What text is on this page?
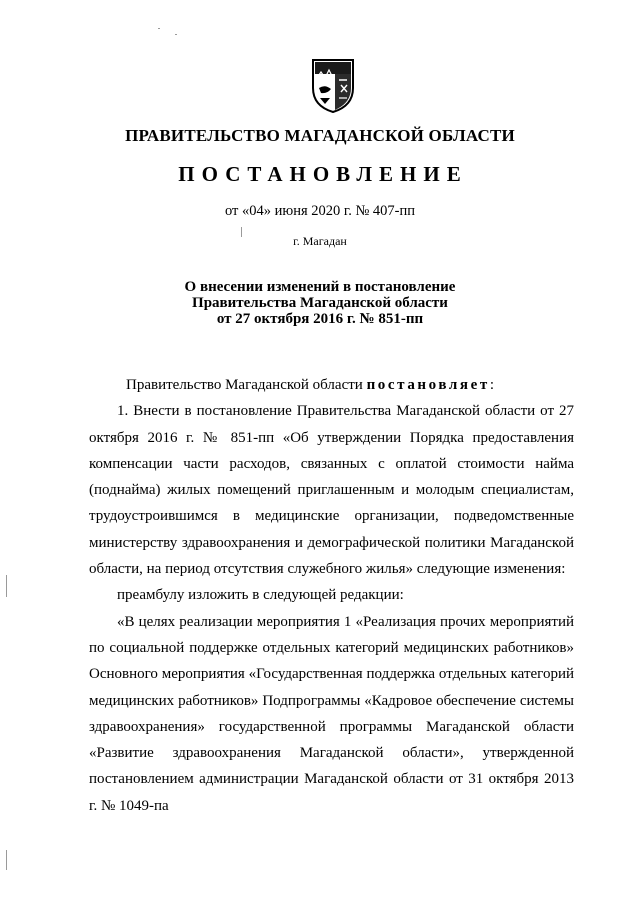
ПРАВИТЕЛЬСТВО МАГАДАНСКОЙ ОБЛАСТИ
ПОСТАНОВЛЕНИЕ
от «04» июня 2020 г. № 407-пп
г. Магадан
О внесении изменений в постановление
Правительства Магаданской области
от 27 октября 2016 г. № 851-пп

Правительство Магаданской области постановляет:

1. Внести в постановление Правительства Магаданской области от 27 октября 2016 г. № 851-пп «Об утверждении Порядка предоставления компенсации части расходов, связанных с оплатой стоимости найма (поднайма) жилых помещений приглашенным и молодым специалистам, трудоустроившимся в медицинские организации, подведомственные министерству здравоохранения и демографической политики Магаданской области, на период отсутствия служебного жилья» следующие изменения:

преамбулу изложить в следующей редакции:

«В целях реализации мероприятия 1 «Реализация прочих мероприятий по социальной поддержке отдельных категорий медицинских работников» Основного мероприятия «Государственная поддержка отдельных категорий медицинских работников» Подпрограммы «Кадровое обеспечение системы здравоохранения» государственной программы Магаданской области «Развитие здравоохранения Магаданской области», утвержденной постановлением администрации Магаданской области от 31 октября 2013 г. № 1049-па
